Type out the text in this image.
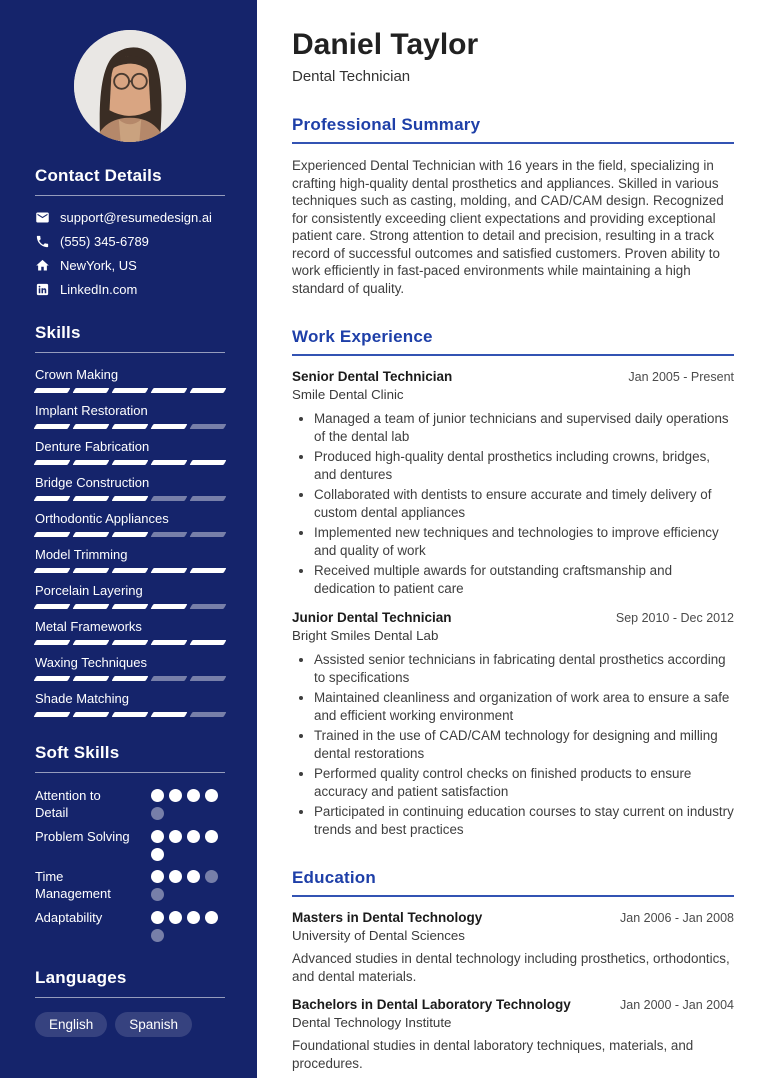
Contact Details
support@resumedesign.ai
(555) 345-6789
NewYork, US
LinkedIn.com
Skills
Crown Making
Implant Restoration
Denture Fabrication
Bridge Construction
Orthodontic Appliances
Model Trimming
Porcelain Layering
Metal Frameworks
Waxing Techniques
Shade Matching
Soft Skills
Attention to Detail
Problem Solving
Time Management
Adaptability
Languages
English	Spanish
Daniel Taylor
Dental Technician
Professional Summary

Experienced Dental Technician with 16 years in the field, specializing in crafting high-quality dental prosthetics and appliances. Skilled in various techniques such as casting, molding, and CAD/CAM design. Recognized for consistently exceeding client expectations and providing exceptional patient care. Strong attention to detail and precision, resulting in a track record of successful outcomes and satisfied customers. Proven ability to work efficiently in fast-paced environments while maintaining a high standard of quality.

Work Experience
Senior Dental Technician	Jan 2005 - Present
Smile Dental Clinic
• Managed a team of junior technicians and supervised daily operations of the dental lab
• Produced high-quality dental prosthetics including crowns, bridges, and dentures
• Collaborated with dentists to ensure accurate and timely delivery of custom dental appliances
• Implemented new techniques and technologies to improve efficiency and quality of work
• Received multiple awards for outstanding craftsmanship and dedication to patient care
Junior Dental Technician	Sep 2010 - Dec 2012
Bright Smiles Dental Lab
• Assisted senior technicians in fabricating dental prosthetics according to specifications
• Maintained cleanliness and organization of work area to ensure a safe and efficient working environment
• Trained in the use of CAD/CAM technology for designing and milling dental restorations
• Performed quality control checks on finished products to ensure accuracy and patient satisfaction
• Participated in continuing education courses to stay current on industry trends and best practices
Education
Masters in Dental Technology	Jan 2006 - Jan 2008
University of Dental Sciences

Advanced studies in dental technology including prosthetics, orthodontics, and dental materials.

Bachelors in Dental Laboratory Technology	Jan 2000 - Jan 2004
Dental Technology Institute

Foundational studies in dental laboratory techniques, materials, and procedures.
